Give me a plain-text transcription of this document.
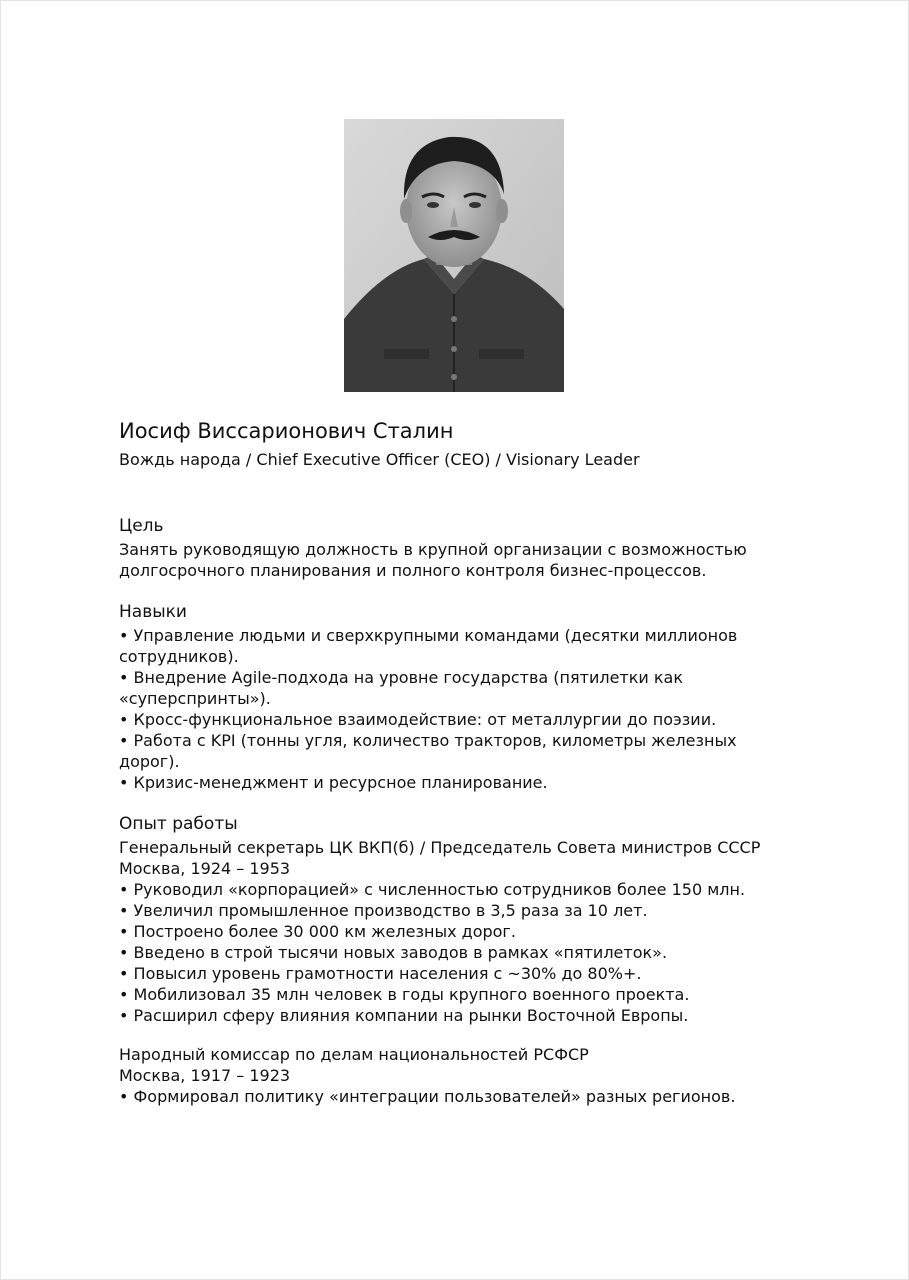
Иосиф Виссарионович Сталин

Вождь народа / Chief Executive Officer (CEO) / Visionary Leader

Цель

Занять руководящую должность в крупной организации с возможностью долгосрочного планирования и полного контроля бизнес-процессов.

Навыки
• Управление людьми и сверхкрупными командами (десятки миллионов сотрудников).
• Внедрение Agile-подхода на уровне государства (пятилетки как «суперспринты»).
• Кросс-функциональное взаимодействие: от металлургии до поэзии.
• Работа с KPI (тонны угля, количество тракторов, километры железных дорог).
• Кризис-менеджмент и ресурсное планирование.
Опыт работы

Генеральный секретарь ЦК ВКП(б) / Председатель Совета министров СССР

Москва, 1924 – 1953

• Руководил «корпорацией» с численностью сотрудников более 150 млн.
• Увеличил промышленное производство в 3,5 раза за 10 лет.
• Построено более 30 000 км железных дорог.
• Введено в строй тысячи новых заводов в рамках «пятилеток».
• Повысил уровень грамотности населения с ~30% до 80%+.
• Мобилизовал 35 млн человек в годы крупного военного проекта.
• Расширил сферу влияния компании на рынки Восточной Европы.

Народный комиссар по делам национальностей РСФСР

Москва, 1917 – 1923

• Формировал политику «интеграции пользователей» разных регионов.
